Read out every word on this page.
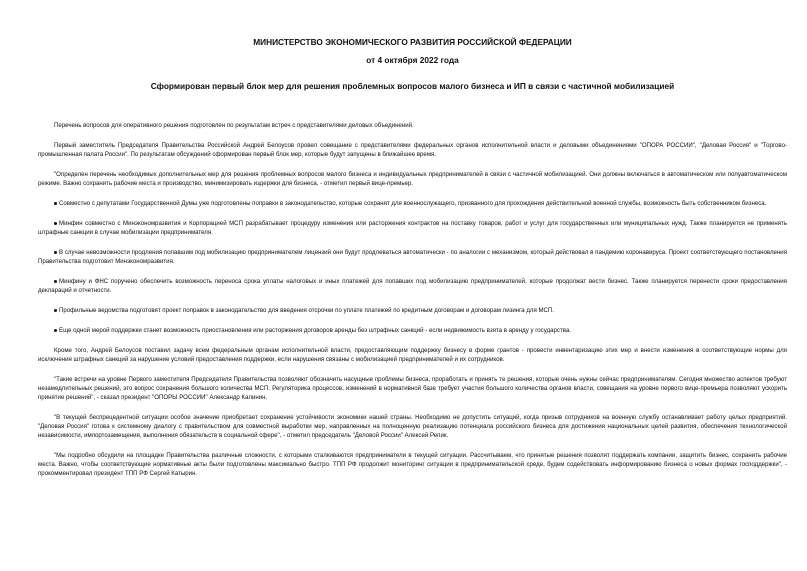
МИНИСТЕРСТВО ЭКОНОМИЧЕСКОГО РАЗВИТИЯ РОССИЙСКОЙ ФЕДЕРАЦИИ
от 4 октября 2022 года
Сформирован первый блок мер для решения проблемных вопросов малого бизнеса и ИП в связи с частичной мобилизацией

Перечень вопросов для оперативного решения подготовлен по результатам встреч с представителями деловых объединений.

Первый заместитель Председателя Правительства Российской Андрей Белоусов провел совещание с представителями федеральных органов исполнительной власти и деловыми объединениями "ОПОРА РОССИИ", "Деловая Россия" и "Торгово-промышленная палата России". По результатам обсуждений сформирован первый блок мер, которые будут запущены в ближайшее время.

"Определен перечень необходимых дополнительных мер для решения проблемных вопросов малого бизнеса и индивидуальных предпринимателей в связи с частичной мобилизацией. Они должны включаться в автоматическом или полуавтоматическом режиме. Важно сохранить рабочие места и производство, минимизировать издержки для бизнеса, - отметил первый вице-премьер.

Совместно с депутатами Государственной Думы уже подготовлены поправки в законодательство, которые сохранят для военнослужащего, призванного для прохождения действительной военной службы, возможность быть собственником бизнеса.

Минфин совместно с Минэкономразвития и Корпорацией МСП разрабатывает процедуру изменения или расторжения контрактов на поставку товаров, работ и услуг для государственных или муниципальных нужд. Также планируется не применять штрафные санкции в случае мобилизации предпринимателя.

В случае невозможности продления попавшим под мобилизацию предпринимателем лицензий они будут продлеваться автоматически - по аналогии с механизмом, который действовал в пандемию коронавируса. Проект соответствующего постановления Правительства подготовит Минэкономразвития.

Минфину и ФНС поручено обеспечить возможность переноса срока уплаты налоговых и иных платежей для попавших под мобилизацию предпринимателей, которые продолжат вести бизнес. Также планируется перенести сроки предоставления деклараций и отчетности.

Профильные ведомства подготовят проект поправок в законодательство для введения отсрочки по уплате платежей по кредитным договорам и договорам лизинга для МСП.

Еще одной мерой поддержки станет возможность приостановления или расторжения договоров аренды без штрафных санкций - если недвижимость взята в аренду у государства.

Кроме того, Андрей Белоусов поставил задачу всем федеральным органам исполнительной власти, предоставляющим поддержку бизнесу в форме грантов - провести инвентаризацию этих мер и внести изменения в соответствующие нормы для исключения штрафных санкций за нарушение условий предоставления поддержки, если нарушения связаны с мобилизацией предпринимателей и их сотрудников.

"Такие встречи на уровне Первого заместителя Председателя Правительства позволяют обозначить насущные проблемы бизнеса, проработать и принять те решения, которые очень нужны сейчас предпринимателям. Сегодня множество аспектов требуют незамедлительных решений, это вопрос сохранения большого количества МСП. Регуляторика процессов, изменений в нормативной базе требует участия большого количества органов власти, совещания на уровне первого вице-премьера позволяют ускорить принятие решений", - сказал президент "ОПОРЫ РОССИИ" Александр Калинин.

"В текущей беспрецедентной ситуации особое значение приобретает сохранение устойчивости экономики нашей страны. Необходимо не допустить ситуаций, когда призыв сотрудников на военную службу останавливает работу целых предприятий. "Деловая Россия" готова к системному диалогу с правительством для совместной выработки мер, направленных на полноценную реализацию потенциала российского бизнеса для достижения национальных целей развития, обеспечения технологической независимости, импортозамещения, выполнения обязательств в социальной сфере", - отметил председатель "Деловой России" Алексей Репик.

"Мы подробно обсудили на площадке Правительства различные сложности, с которыми сталкиваются предприниматели в текущей ситуации. Рассчитываем, что принятые решения позволят поддержать компании, защитить бизнес, сохранить рабочие места. Важно, чтобы соответствующие нормативные акты были подготовлены максимально быстро. ТПП РФ продолжит мониторинг ситуации в предпринимательской среде, будем содействовать информированию бизнеса о новых формах господдержки", - прокомментировал президент ТПП РФ Сергей Катырин.
